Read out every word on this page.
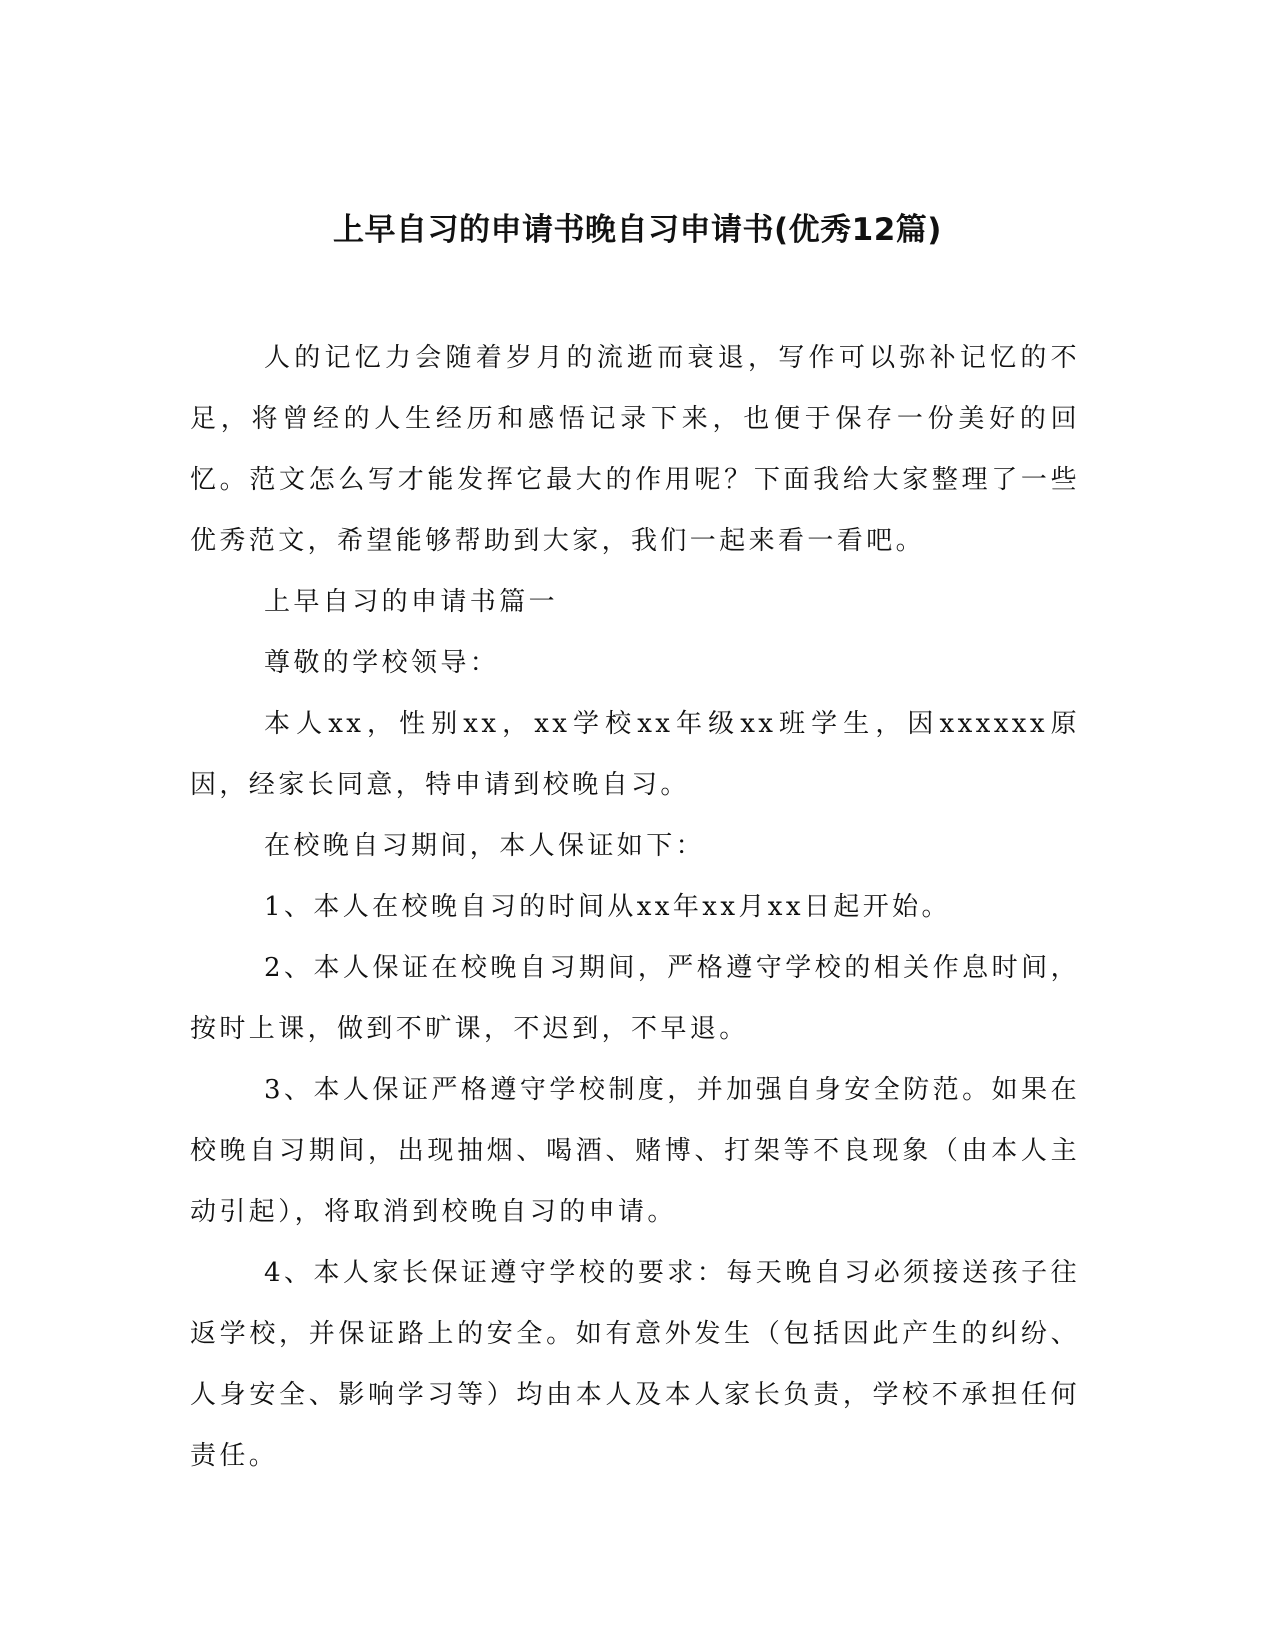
上早自习的申请书晚自习申请书(优秀12篇)

人的记忆力会随着岁月的流逝而衰退，写作可以弥补记忆的不足，将曾经的人生经历和感悟记录下来，也便于保存一份美好的回忆。范文怎么写才能发挥它最大的作用呢？下面我给大家整理了一些优秀范文，希望能够帮助到大家，我们一起来看一看吧。

上早自习的申请书篇一

尊敬的学校领导：

本人xx，性别xx，xx学校xx年级xx班学生，因xxxxxx原因，经家长同意，特申请到校晚自习。

在校晚自习期间，本人保证如下：

1、本人在校晚自习的时间从xx年xx月xx日起开始。

2、本人保证在校晚自习期间，严格遵守学校的相关作息时间，按时上课，做到不旷课，不迟到，不早退。

3、本人保证严格遵守学校制度，并加强自身安全防范。如果在校晚自习期间，出现抽烟、喝酒、赌博、打架等不良现象（由本人主动引起），将取消到校晚自习的申请。

4、本人家长保证遵守学校的要求：每天晚自习必须接送孩子往返学校，并保证路上的安全。如有意外发生（包括因此产生的纠纷、人身安全、影响学习等）均由本人及本人家长负责，学校不承担任何责任。
